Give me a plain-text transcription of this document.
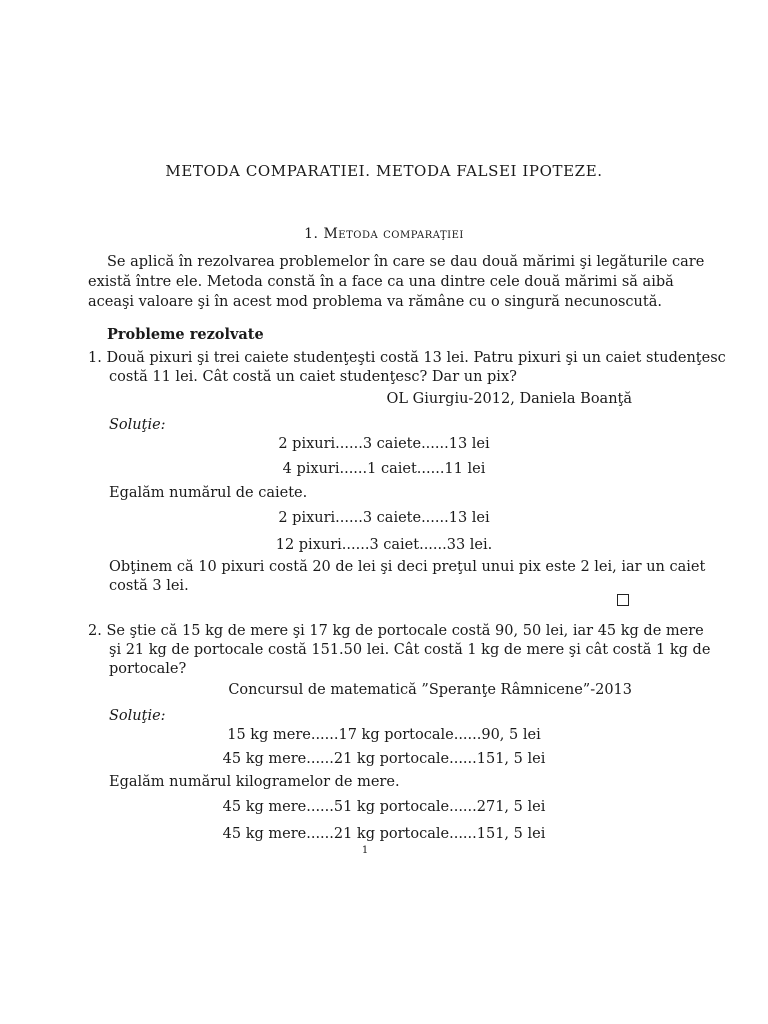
METODA COMPARATIEI. METODA FALSEI IPOTEZE.
1. Metoda comparaţiei
Se aplică în rezolvarea problemelor în care se dau două mărimi şi legăturile care
există între ele. Metoda constă în a face ca una dintre cele două mărimi să aibă
aceaşi valoare şi în acest mod problema va rămâne cu o singură necunoscută.
Probleme rezolvate
1. Două pixuri şi trei caiete studenţeşti costă 13 lei. Patru pixuri şi un caiet studenţesc
costă 11 lei. Cât costă un caiet studenţesc? Dar un pix?
OL Giurgiu-2012, Daniela Boanţă
Soluţie:
2 pixuri......3 caiete......13 lei
4 pixuri......1 caiet......11 lei
Egalăm numărul de caiete.
2 pixuri......3 caiete......13 lei
12 pixuri......3 caiet......33 lei.
Obţinem că 10 pixuri costă 20 de lei şi deci preţul unui pix este 2 lei, iar un caiet
costă 3 lei.
2. Se ştie că 15 kg de mere şi 17 kg de portocale costă 90, 50 lei, iar 45 kg de mere
şi 21 kg de portocale costă 151.50 lei. Cât costă 1 kg de mere şi cât costă 1 kg de
portocale?
Concursul de matematică ”Speranţe Râmnicene”-2013
Soluţie:
15 kg mere......17 kg portocale......90, 5 lei
45 kg mere......21 kg portocale......151, 5 lei
Egalăm numărul kilogramelor de mere.
45 kg mere......51 kg portocale......271, 5 lei
45 kg mere......21 kg portocale......151, 5 lei
1
